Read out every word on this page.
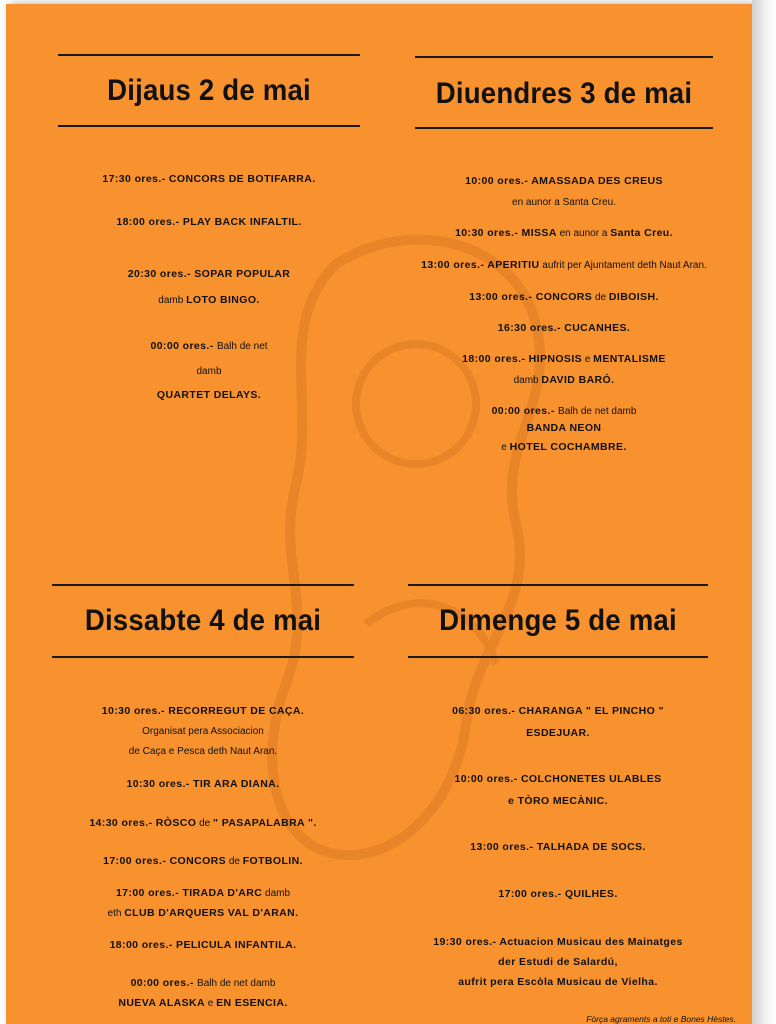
Dijaus 2 de mai	Diuendres 3 de mai
Dissabte 4 de mai	Dimenge 5 de mai
17:30 ores.- CONCORS DE BOTIFARRA.
18:00 ores.- PLAY BACK INFALTIL.
20:30 ores.- SOPAR POPULAR
damb LOTO BINGO.
00:00 ores.- Balh de net
damb
QUARTET DELAYS.
10:00 ores.- AMASSADA DES CREUS
en aunor a Santa Creu.
10:30 ores.- MISSA en aunor a Santa Creu.
13:00 ores.- APERITIU aufrit per Ajuntament deth Naut Aran.
13:00 ores.- CONCORS de DIBOISH.
16:30 ores.- CUCANHES.
18:00 ores.- HIPNOSIS e MENTALISME
damb DAVID BARÓ.
00:00 ores.- Balh de net damb
BANDA NEON
e HOTEL COCHAMBRE.
10:30 ores.- RECORREGUT DE CAÇA.
Organisat pera Associacion
de Caça e Pesca deth Naut Aran.
10:30 ores.- TIR ARA DIANA.
14:30 ores.- RÒSCO de " PASAPALABRA ".
17:00 ores.- CONCORS de FOTBOLIN.
17:00 ores.- TIRADA D'ARC damb
eth CLUB D'ARQUERS VAL D'ARAN.
18:00 ores.- PELICULA INFANTILA.
00:00 ores.- Balh de net damb
NUEVA ALASKA e EN ESENCIA.
06:30 ores.- CHARANGA " EL PINCHO "
ESDEJUAR.
10:00 ores.- COLCHONETES ULABLES
e TÒRO MECÀNIC.
13:00 ores.- TALHADA DE SOCS.
17:00 ores.- QUILHES.
19:30 ores.- Actuacion Musicau des Mainatges
der Estudi de Salardú,
aufrit pera Escòla Musicau de Vielha.
Fòrça agraments a toti e Bones Hèstes.
